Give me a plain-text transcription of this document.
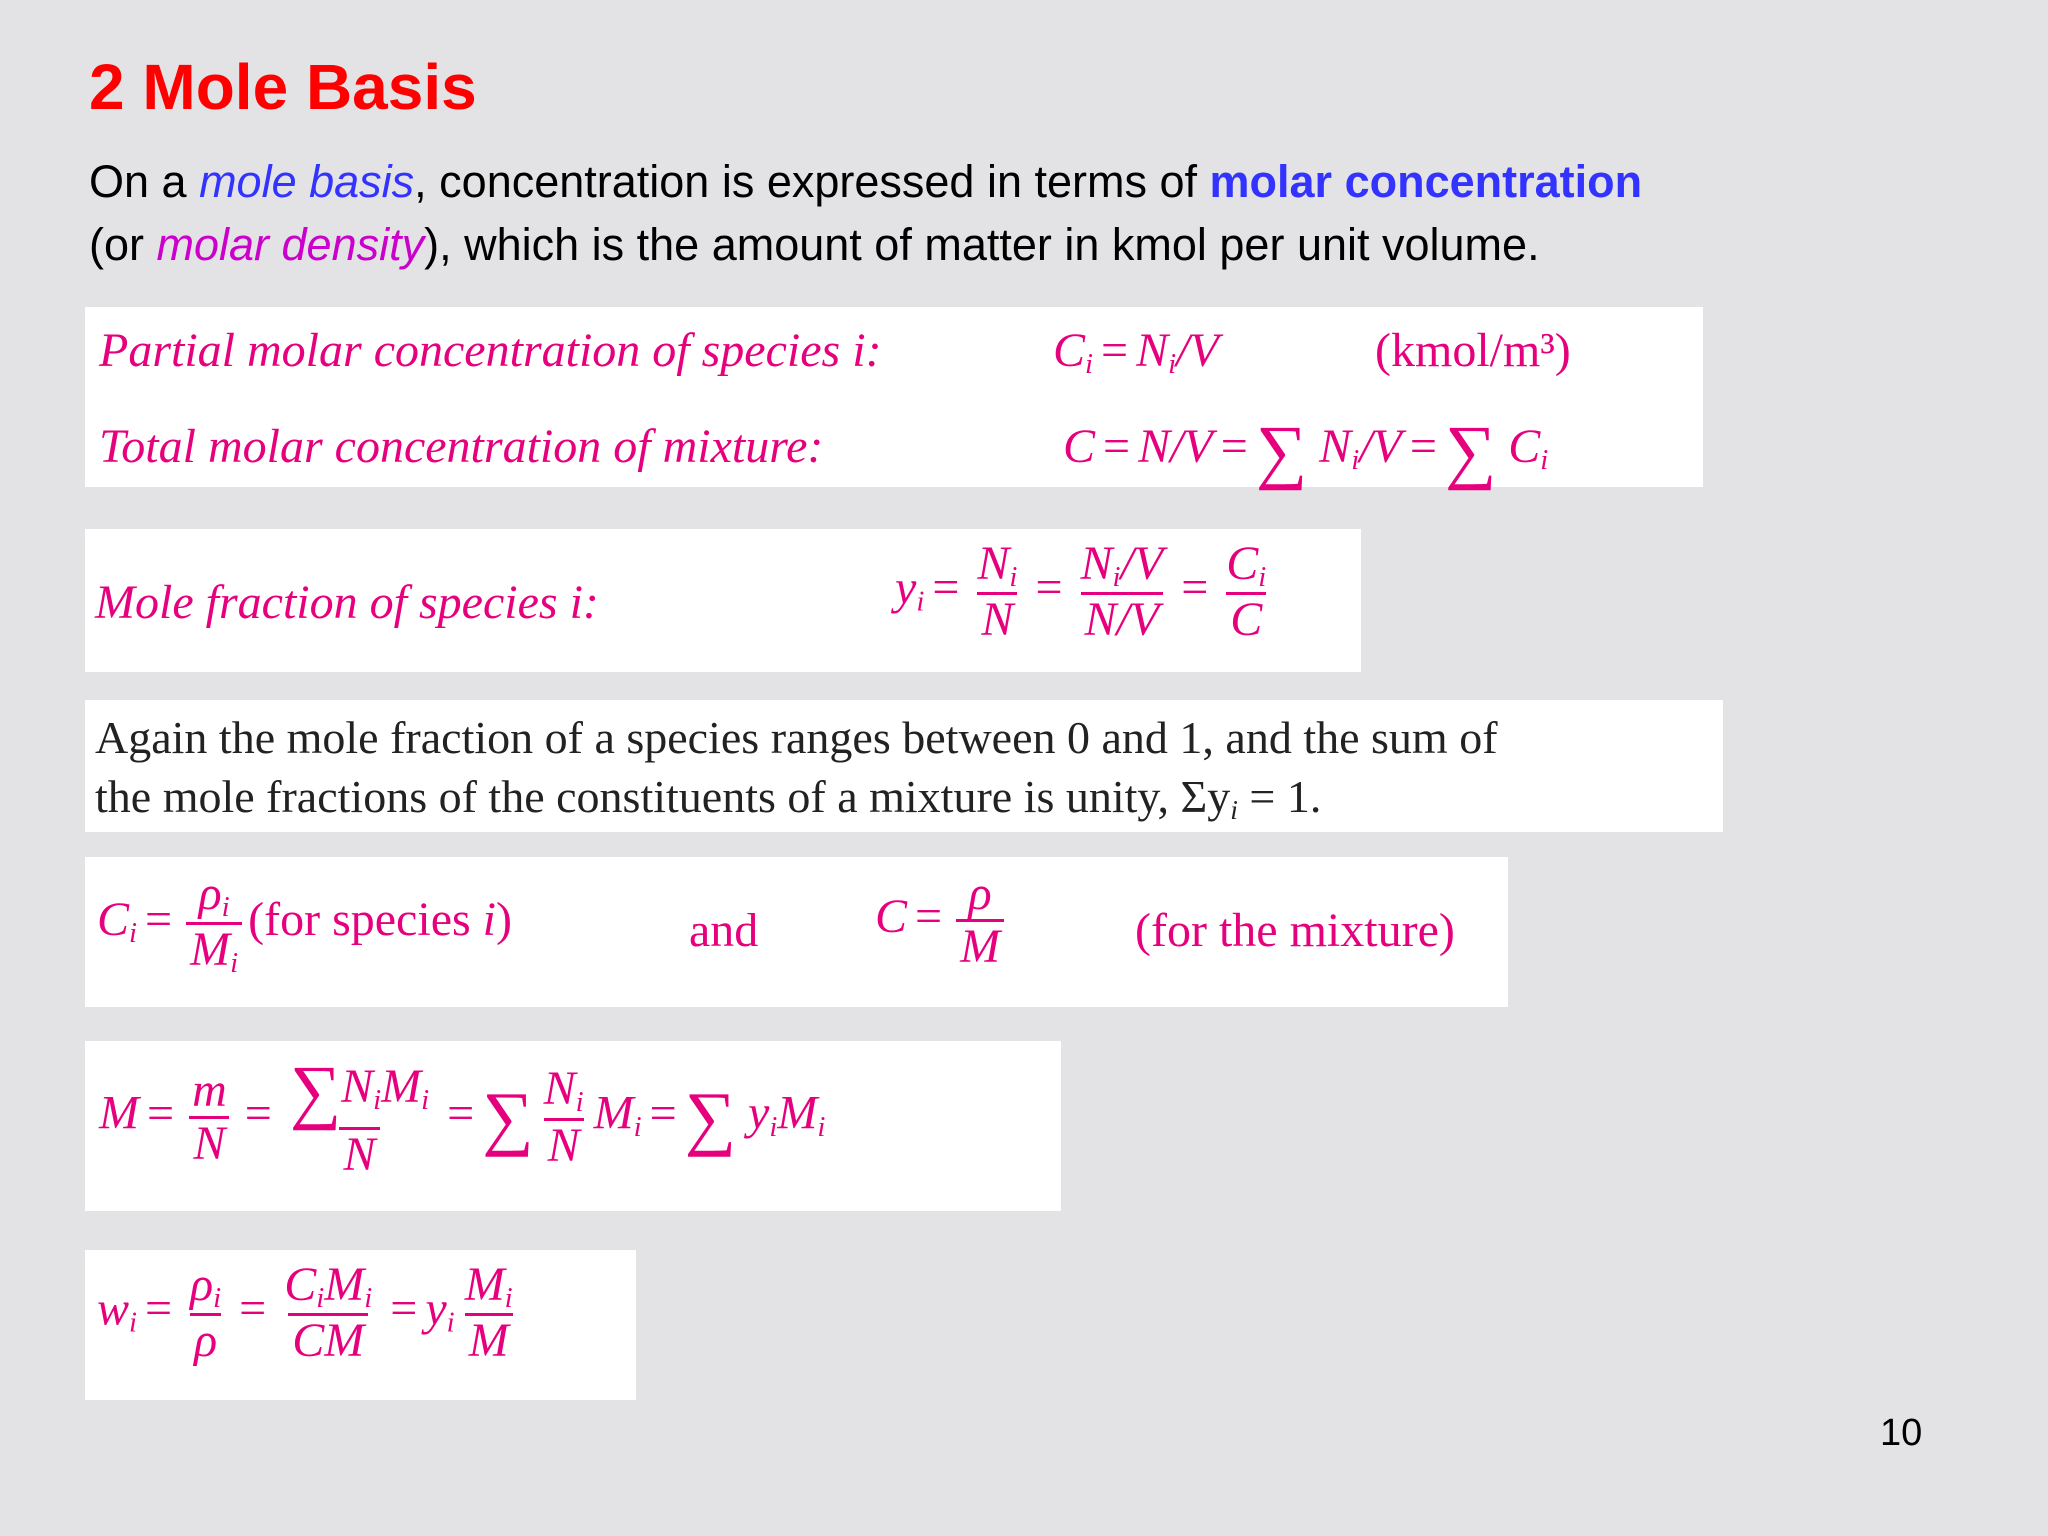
2 Mole Basis

On a mole basis, concentration is expressed in terms of molar concentration
(or molar density), which is the amount of matter in kmol per unit volume.

Partial molar concentration of species i:	$C_i = N_i/V$	(kmol/m³)
Total molar concentration of mixture:	C = N/V = ∑ $N_i/V$ = ∑ $C_i$
Mole fraction of species i:	$y_i = \frac{N_i}{N} = \frac{N_i/V}{N/V} = \frac{C_i}{C}$
Again the mole fraction of a species ranges between 0 and 1, and the sum of
the mole fractions of the constituents of a mixture is unity, $\Sigma y_i = 1$.
$C_i = \frac{\rho_i}{M_i} (for$ species i)	and $C = \frac{\rho}{M}$	(for the mixture)
$M = \frac{m}{N} = \frac{\sum N_iM_i}{N}$ = ∑ $\frac{N_i}{N} M_i$ = ∑ $y_iM_i$
$w_i = \frac{\rho_i}{\rho} = \frac{C_iM_i}{CM} = y_i \frac{M_i}{M}$
10
